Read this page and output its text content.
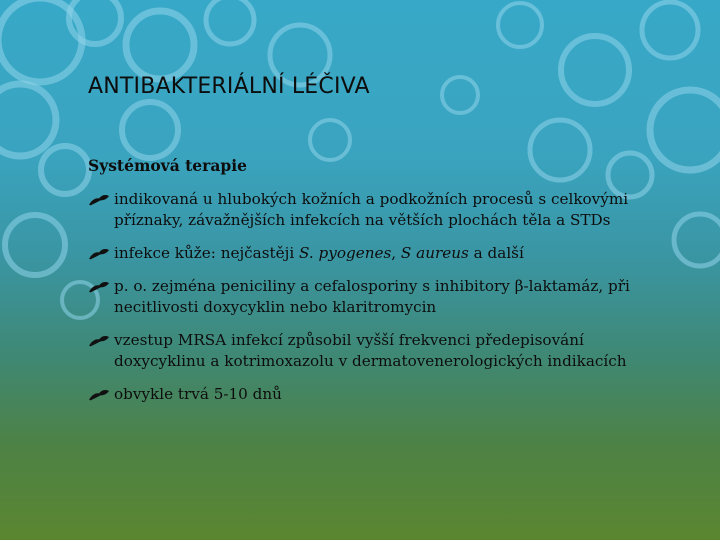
ANTIBAKTERIÁLNÍ LÉČIVA
Systémová terapie
indikovaná u hlubokých kožních a podkožních procesů s celkovými příznaky, závažnějších infekcích na větších plochách těla a STDs
infekce kůže: nejčastěji S. pyogenes, S aureus a další
p. o. zejména peniciliny a cefalosporiny s inhibitory β-laktamáz, při necitlivosti doxycyklin nebo klaritromycin
vzestup MRSA infekcí způsobil vyšší frekvenci předepisování doxycyklinu a kotrimoxazolu v dermatovenerologických indikacích
obvykle trvá 5-10 dnů
